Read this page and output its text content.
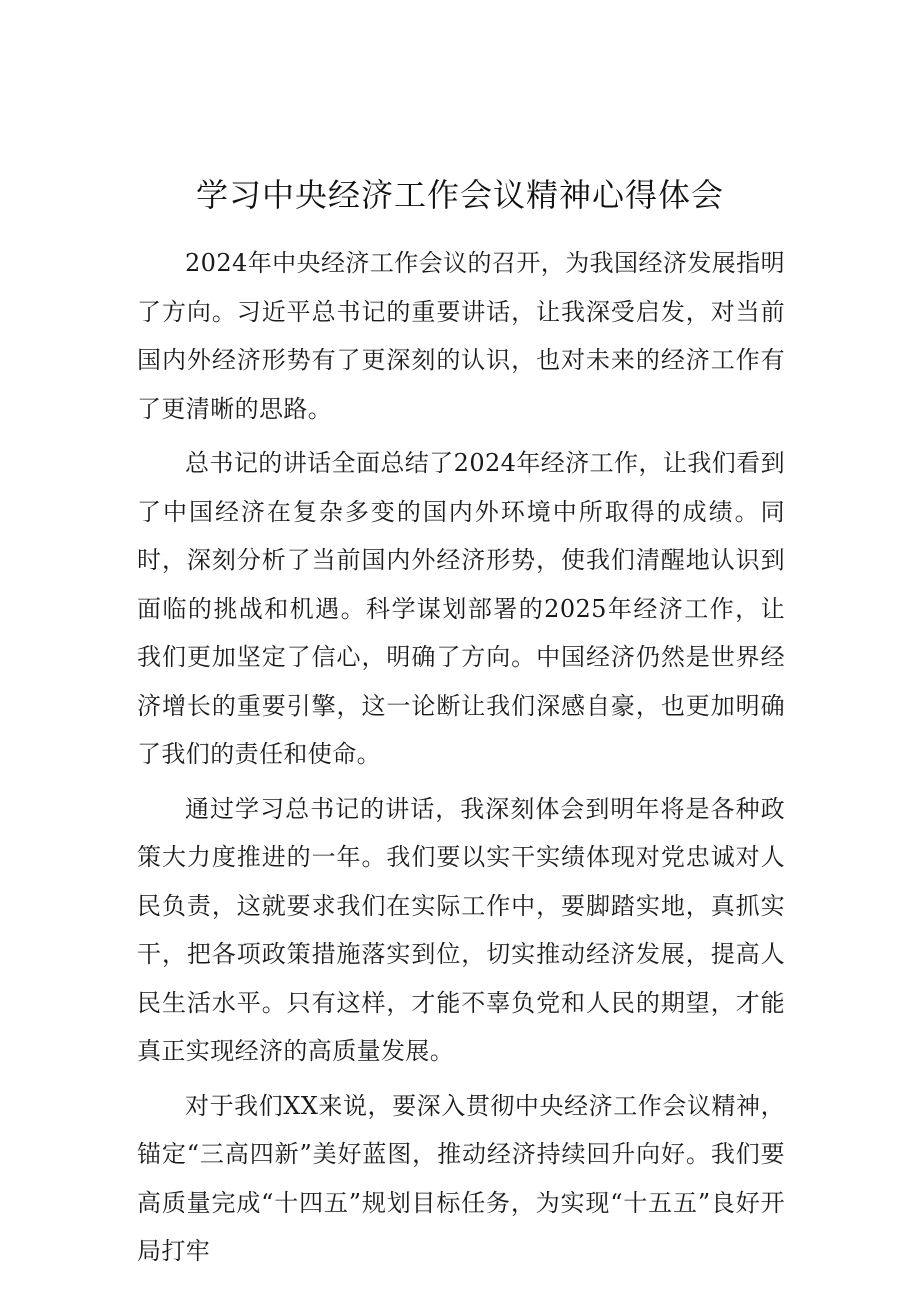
学习中央经济工作会议精神心得体会

2024年中央经济工作会议的召开，为我国经济发展指明了方向。习近平总书记的重要讲话，让我深受启发，对当前国内外经济形势有了更深刻的认识，也对未来的经济工作有了更清晰的思路。

总书记的讲话全面总结了2024年经济工作，让我们看到了中国经济在复杂多变的国内外环境中所取得的成绩。同时，深刻分析了当前国内外经济形势，使我们清醒地认识到面临的挑战和机遇。科学谋划部署的2025年经济工作，让我们更加坚定了信心，明确了方向。中国经济仍然是世界经济增长的重要引擎，这一论断让我们深感自豪，也更加明确了我们的责任和使命。

通过学习总书记的讲话，我深刻体会到明年将是各种政策大力度推进的一年。我们要以实干实绩体现对党忠诚对人民负责，这就要求我们在实际工作中，要脚踏实地，真抓实干，把各项政策措施落实到位，切实推动经济发展，提高人民生活水平。只有这样，才能不辜负党和人民的期望，才能真正实现经济的高质量发展。

对于我们XX来说，要深入贯彻中央经济工作会议精神，锚定“三高四新”美好蓝图，推动经济持续回升向好。我们要高质量完成“十四五”规划目标任务，为实现“十五五”良好开局打牢
